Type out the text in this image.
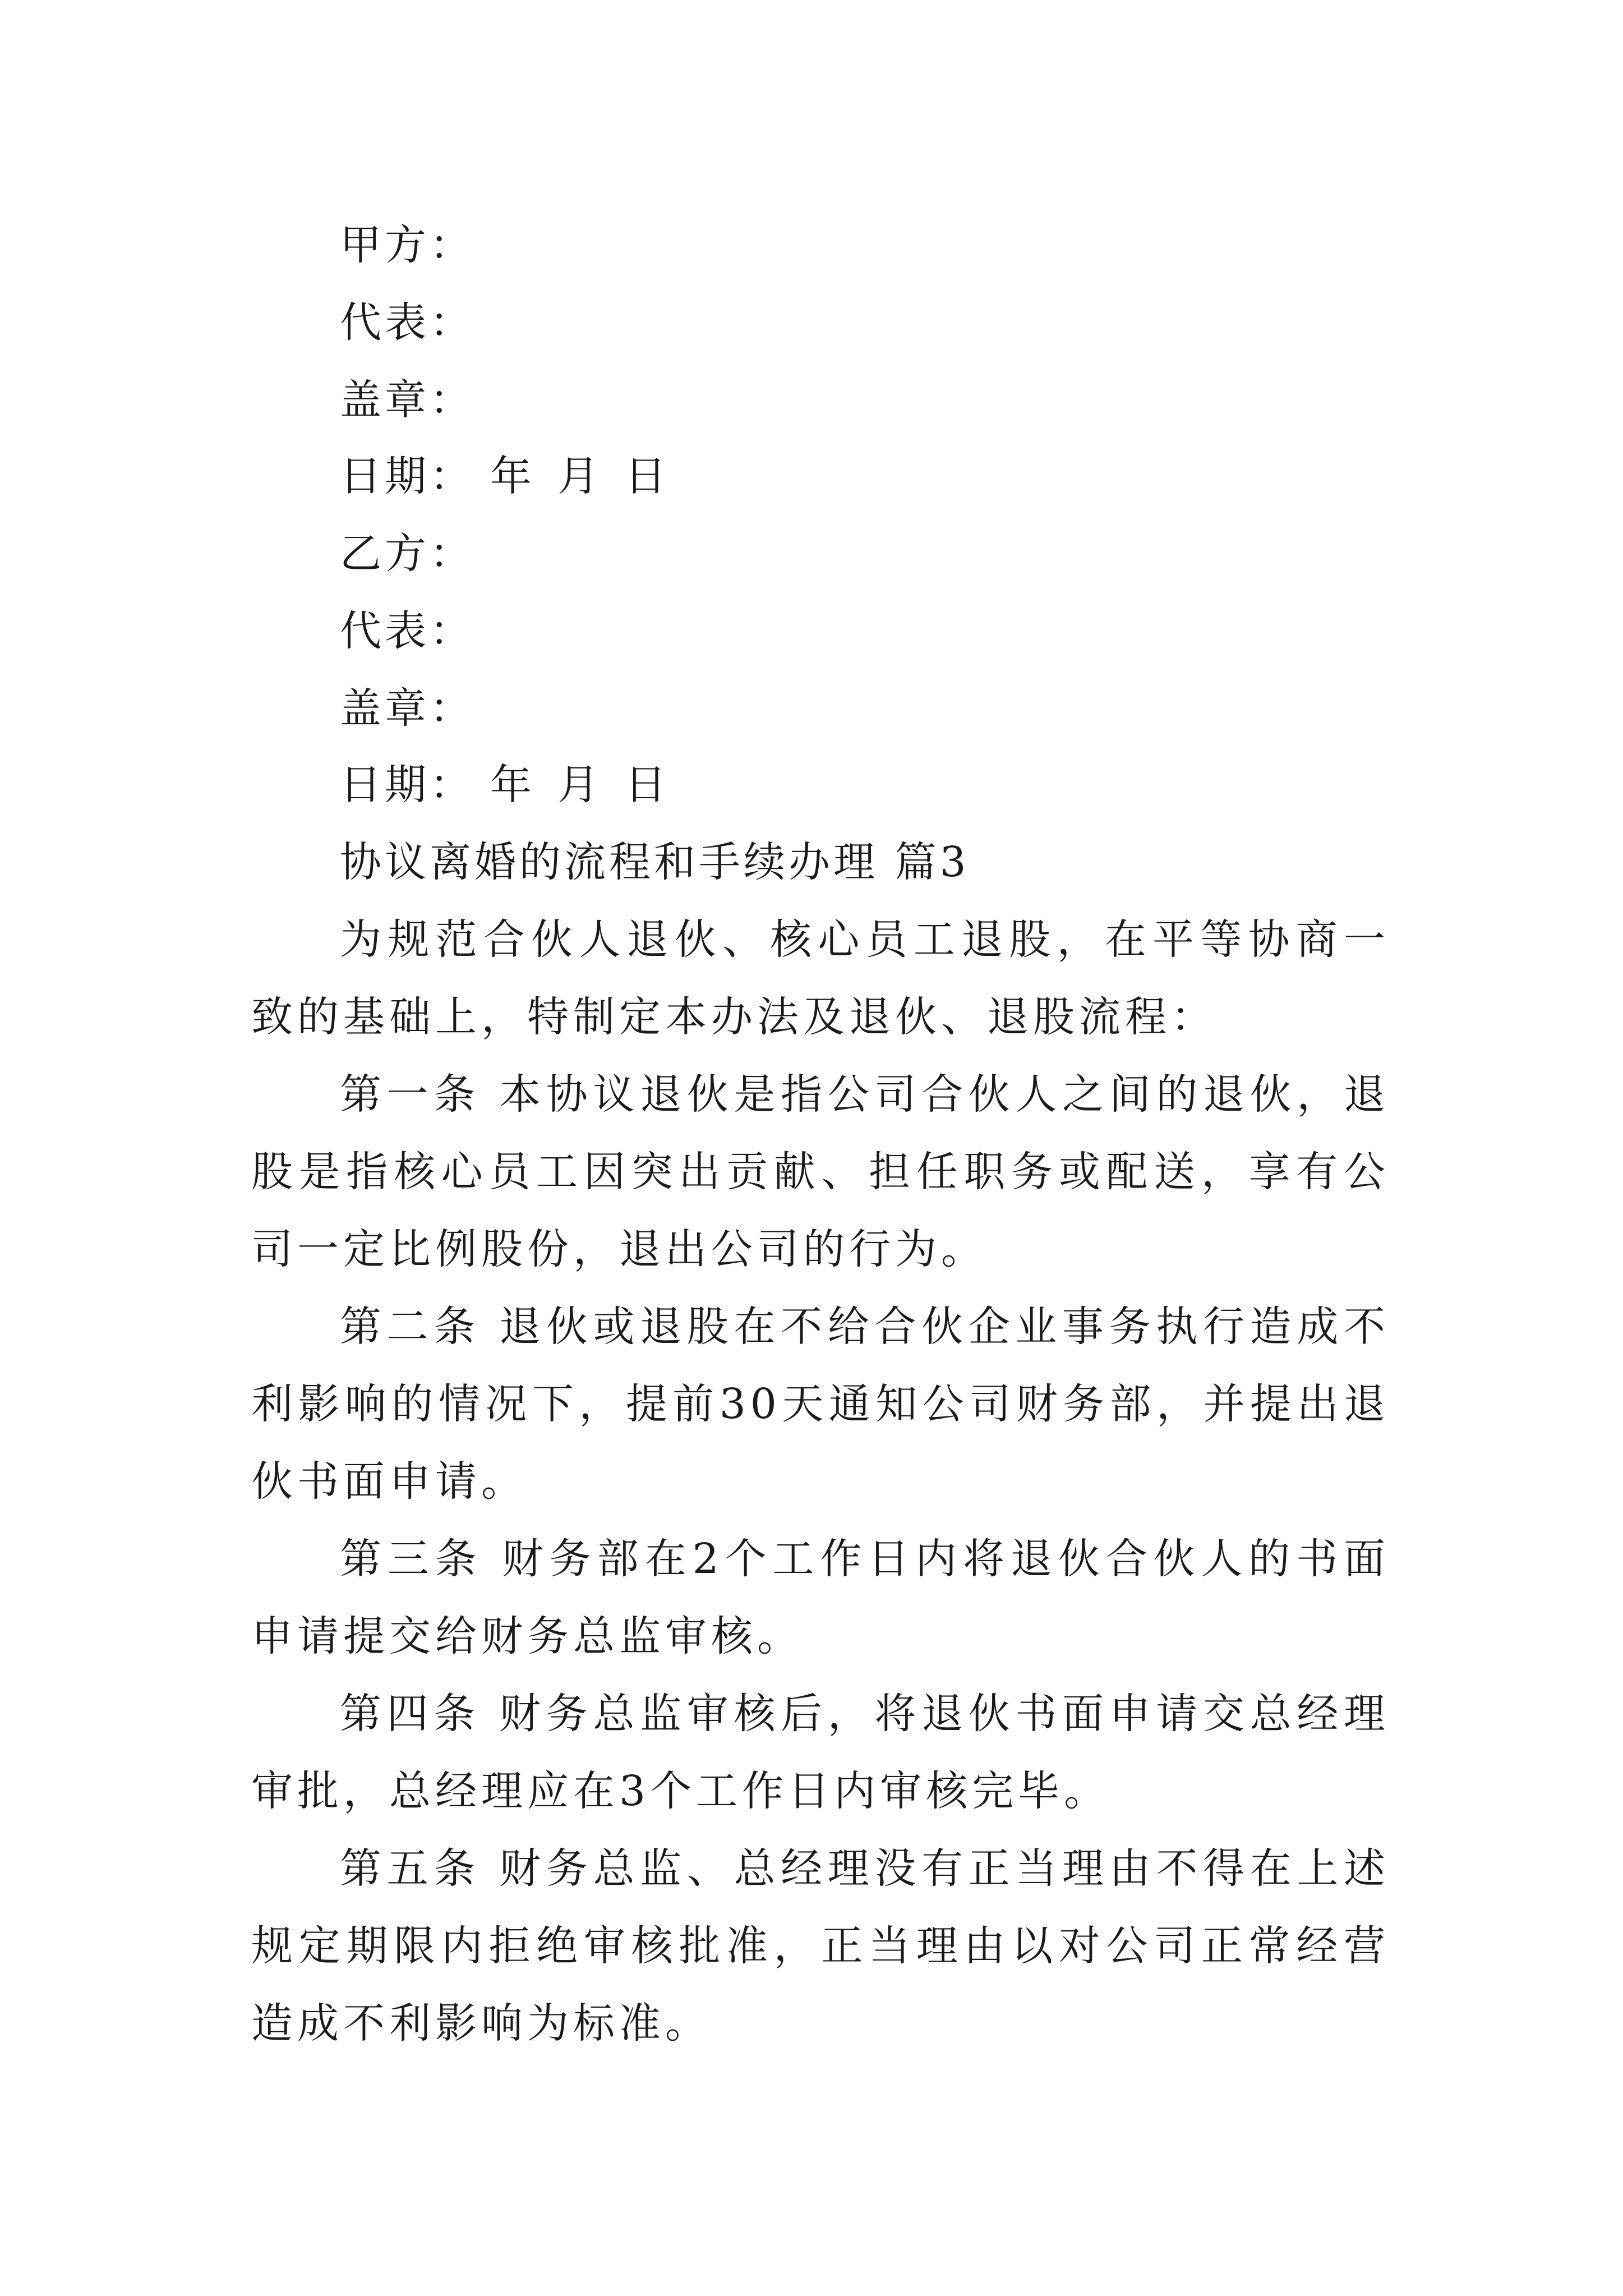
甲方：
代表：
盖章：
日期： 年 月 日
乙方：
代表：
盖章：
日期： 年 月 日
协议离婚的流程和手续办理 篇3
为规范合伙人退伙、核心员工退股，在平等协商一致的基础上，特制定本办法及退伙、退股流程：
第一条 本协议退伙是指公司合伙人之间的退伙，退股是指核心员工因突出贡献、担任职务或配送，享有公司一定比例股份，退出公司的行为。
第二条 退伙或退股在不给合伙企业事务执行造成不利影响的情况下，提前30天通知公司财务部，并提出退伙书面申请。
第三条 财务部在2个工作日内将退伙合伙人的书面申请提交给财务总监审核。
第四条 财务总监审核后，将退伙书面申请交总经理审批，总经理应在3个工作日内审核完毕。
第五条 财务总监、总经理没有正当理由不得在上述规定期限内拒绝审核批准，正当理由以对公司正常经营造成不利影响为标准。
